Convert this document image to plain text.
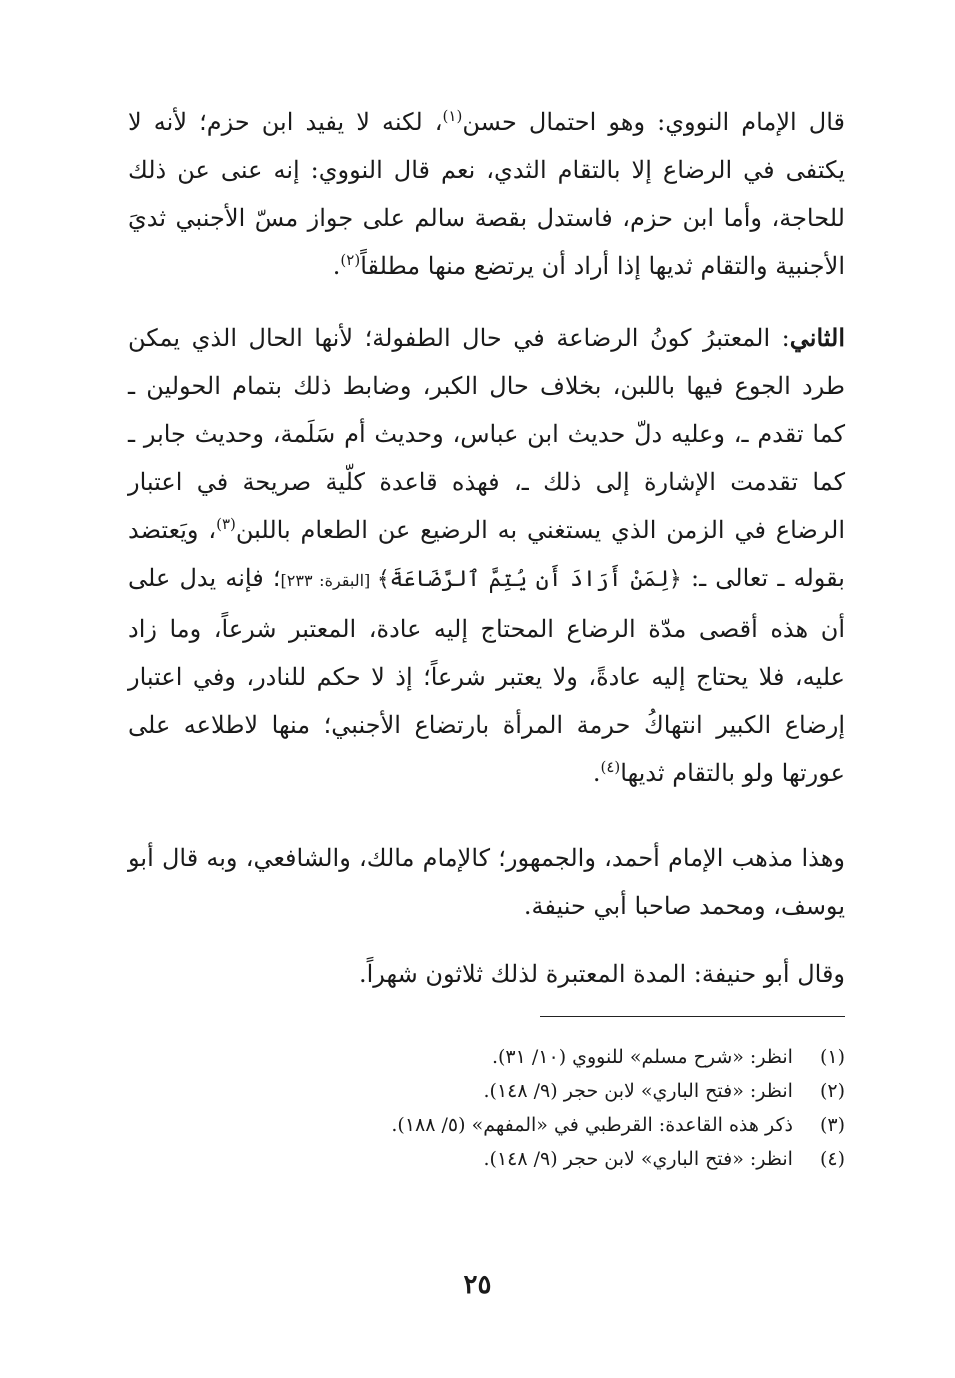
قال الإمام النووي: وهو احتمال حسن$^{(١)}$، لكنه لا يفيد ابن حزم؛ لأنه لا يكتفى في الرضاع إلا بالتقام الثدي، نعم قال النووي: إنه عنى عن ذلك للحاجة، وأما ابن حزم، فاستدل بقصة سالم على جواز مسّ الأجنبي ثديَ الأجنبية والتقام ثديها إذا أراد أن يرتضع منها مطلقاً$^{(٢)}$.

الثاني: المعتبرُ كونُ الرضاعة في حال الطفولة؛ لأنها الحال الذي يمكن طرد الجوع فيها باللبن، بخلاف حال الكبر، وضابط ذلك بتمام الحولين ـ كما تقدم ـ، وعليه دلّ حديث ابن عباس، وحديث أم سَلَمة، وحديث جابر ـ كما تقدمت الإشارة إلى ذلك ـ، فهذه قاعدة كلّية صريحة في اعتبار الرضاع في الزمن الذي يستغني به الرضيع عن الطعام باللبن$^{(٣)}$، ويَعتضد بقوله ـ تعالى ـ: ﴿لِمَنْ أَرَادَ أَن يُتِمَّ ٱلرَّضَاعَةَ﴾ [البقرة: ٢٣٣]؛ فإنه يدل على أن هذه أقصى مدّة الرضاع المحتاج إليه عادة، المعتبر شرعاً، وما زاد عليه، فلا يحتاج إليه عادةً، ولا يعتبر شرعاً؛ إذ لا حكم للنادر، وفي اعتبار إرضاع الكبير انتهاكُ حرمة المرأة بارتضاع الأجنبي؛ منها لاطلاعه على عورتها ولو بالتقام ثديها$^{(٤)}$.

وهذا مذهب الإمام أحمد، والجمهور؛ كالإمام مالك، والشافعي، وبه قال أبو يوسف، ومحمد صاحبا أبي حنيفة.

وقال أبو حنيفة: المدة المعتبرة لذلك ثلاثون شهراً.

(١) انظر: «شرح مسلم» للنووي (١٠/ ٣١).
(٢) انظر: «فتح الباري» لابن حجر (٩/ ١٤٨).
(٣) ذكر هذه القاعدة: القرطبي في «المفهم» (٥/ ١٨٨).
(٤) انظر: «فتح الباري» لابن حجر (٩/ ١٤٨).
٢٥
